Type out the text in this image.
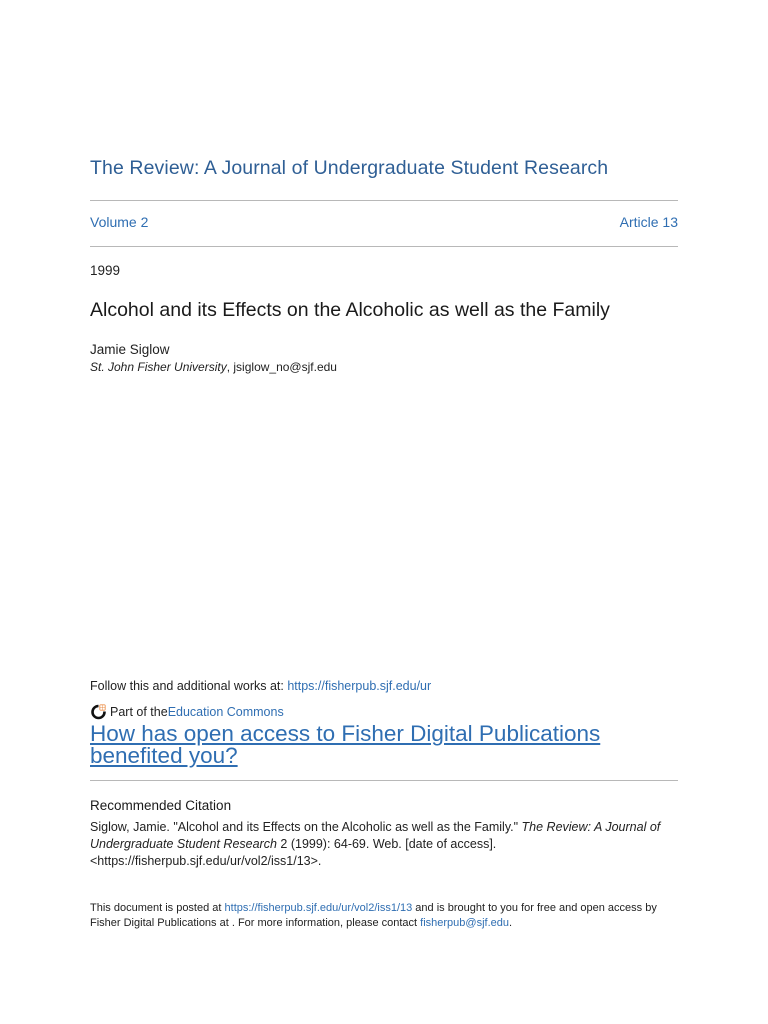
The Review: A Journal of Undergraduate Student Research
Volume 2	Article 13
1999
Alcohol and its Effects on the Alcoholic as well as the Family
Jamie Siglow
St. John Fisher University, jsiglow_no@sjf.edu
Follow this and additional works at: https://fisherpub.sjf.edu/ur
Part of the Education Commons
How has open access to Fisher Digital Publications benefited you?
Recommended Citation
Siglow, Jamie. "Alcohol and its Effects on the Alcoholic as well as the Family." The Review: A Journal of Undergraduate Student Research 2 (1999): 64-69. Web. [date of access]. <https://fisherpub.sjf.edu/ur/vol2/iss1/13>.
This document is posted at https://fisherpub.sjf.edu/ur/vol2/iss1/13 and is brought to you for free and open access by Fisher Digital Publications at . For more information, please contact fisherpub@sjf.edu.
